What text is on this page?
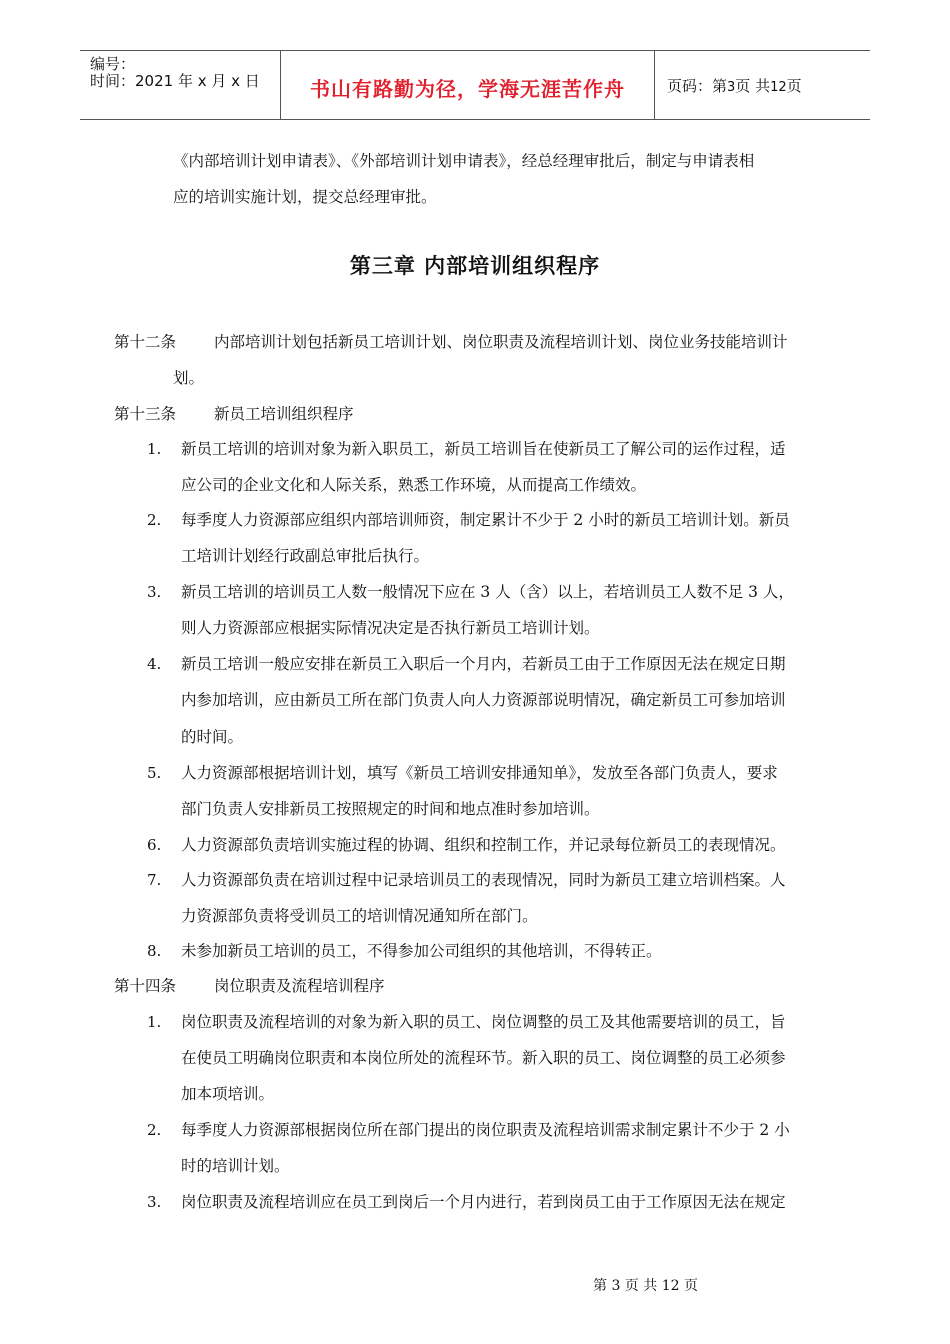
编号：
时间：2021 年 x 月 x 日	书山有路勤为径，学海无涯苦作舟	页码：第3页 共12页
《内部培训计划申请表》、《外部培训计划申请表》，经总经理审批后，制定与申请表相
应的培训实施计划，提交总经理审批。
第三章 内部培训组织程序
第十二条 内部培训计划包括新员工培训计划、岗位职责及流程培训计划、岗位业务技能培训计
划。
第十三条 新员工培训组织程序
1. 新员工培训的培训对象为新入职员工，新员工培训旨在使新员工了解公司的运作过程，适
应公司的企业文化和人际关系，熟悉工作环境，从而提高工作绩效。
2. 每季度人力资源部应组织内部培训师资，制定累计不少于 2 小时的新员工培训计划。新员
工培训计划经行政副总审批后执行。
3. 新员工培训的培训员工人数一般情况下应在 3 人（含）以上，若培训员工人数不足 3 人，
则人力资源部应根据实际情况决定是否执行新员工培训计划。
4. 新员工培训一般应安排在新员工入职后一个月内，若新员工由于工作原因无法在规定日期
内参加培训，应由新员工所在部门负责人向人力资源部说明情况，确定新员工可参加培训
的时间。
5. 人力资源部根据培训计划，填写《新员工培训安排通知单》，发放至各部门负责人，要求
部门负责人安排新员工按照规定的时间和地点准时参加培训。
6. 人力资源部负责培训实施过程的协调、组织和控制工作，并记录每位新员工的表现情况。
7. 人力资源部负责在培训过程中记录培训员工的表现情况，同时为新员工建立培训档案。人
力资源部负责将受训员工的培训情况通知所在部门。
8. 未参加新员工培训的员工，不得参加公司组织的其他培训，不得转正。
第十四条 岗位职责及流程培训程序
1. 岗位职责及流程培训的对象为新入职的员工、岗位调整的员工及其他需要培训的员工，旨
在使员工明确岗位职责和本岗位所处的流程环节。新入职的员工、岗位调整的员工必须参
加本项培训。
2. 每季度人力资源部根据岗位所在部门提出的岗位职责及流程培训需求制定累计不少于 2 小
时的培训计划。
3. 岗位职责及流程培训应在员工到岗后一个月内进行，若到岗员工由于工作原因无法在规定
第 3 页 共 12 页
